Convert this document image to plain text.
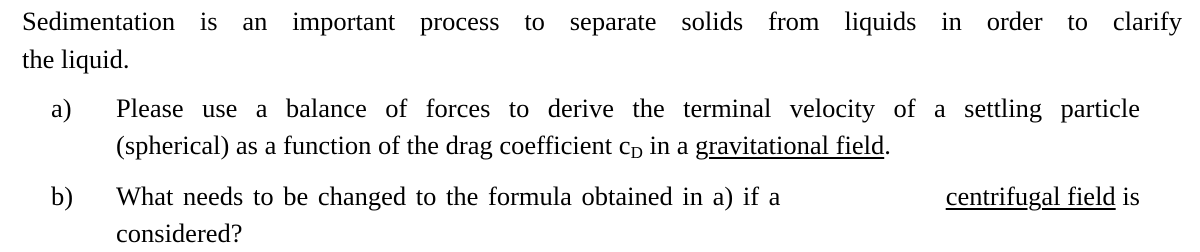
Sedimentation is an important process to separate solids from liquids in order to clarify
the liquid.
a) Please use a balance of forces to derive the terminal velocity of a settling particle
(spherical) as a function of the drag coefficient $c_D$ in a gravitational field.
b) What needs to be changed to the formula obtained in a) if a	centrifugal field is
considered?
